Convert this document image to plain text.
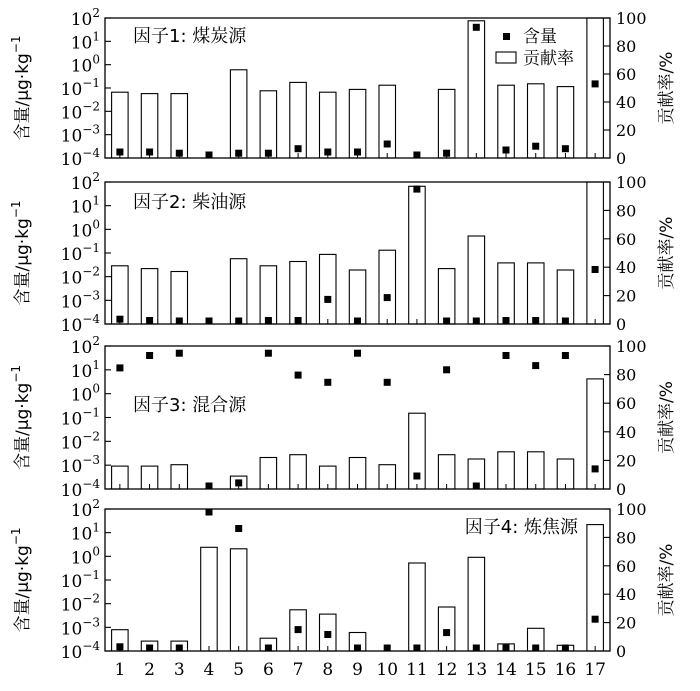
$10^{-4}$
$10^{-3}$
$10^{-2}$
$10^{-1}$
$10^0$
$10^1$
$10^2$
0
20
40
60
80
100
因子1: 煤炭源
含量$/\mu g\cdot kg^{-1}$
贡献率/%
含量
贡献率
$10^{-4}$
$10^{-3}$
$10^{-2}$
$10^{-1}$
$10^0$
$10^1$
$10^2$
0
20
40
60
80
100
因子2: 柴油源
含量$/\mu g\cdot kg^{-1}$
贡献率/%
$10^{-4}$
$10^{-3}$
$10^{-2}$
$10^{-1}$
$10^0$
$10^1$
$10^2$
0
20
40
60
80
100
因子3: 混合源
含量$/\mu g\cdot kg^{-1}$
贡献率/%
$10^{-4}$
$10^{-3}$
$10^{-2}$
$10^{-1}$
$10^0$
$10^1$
$10^2$
0
20
40
60
80
100
因子4: 炼焦源
含量$/\mu g\cdot kg^{-1}$
贡献率/%
1 2 3 4 5 6 7 8 9 10 11 12 13 14 15 16 17
